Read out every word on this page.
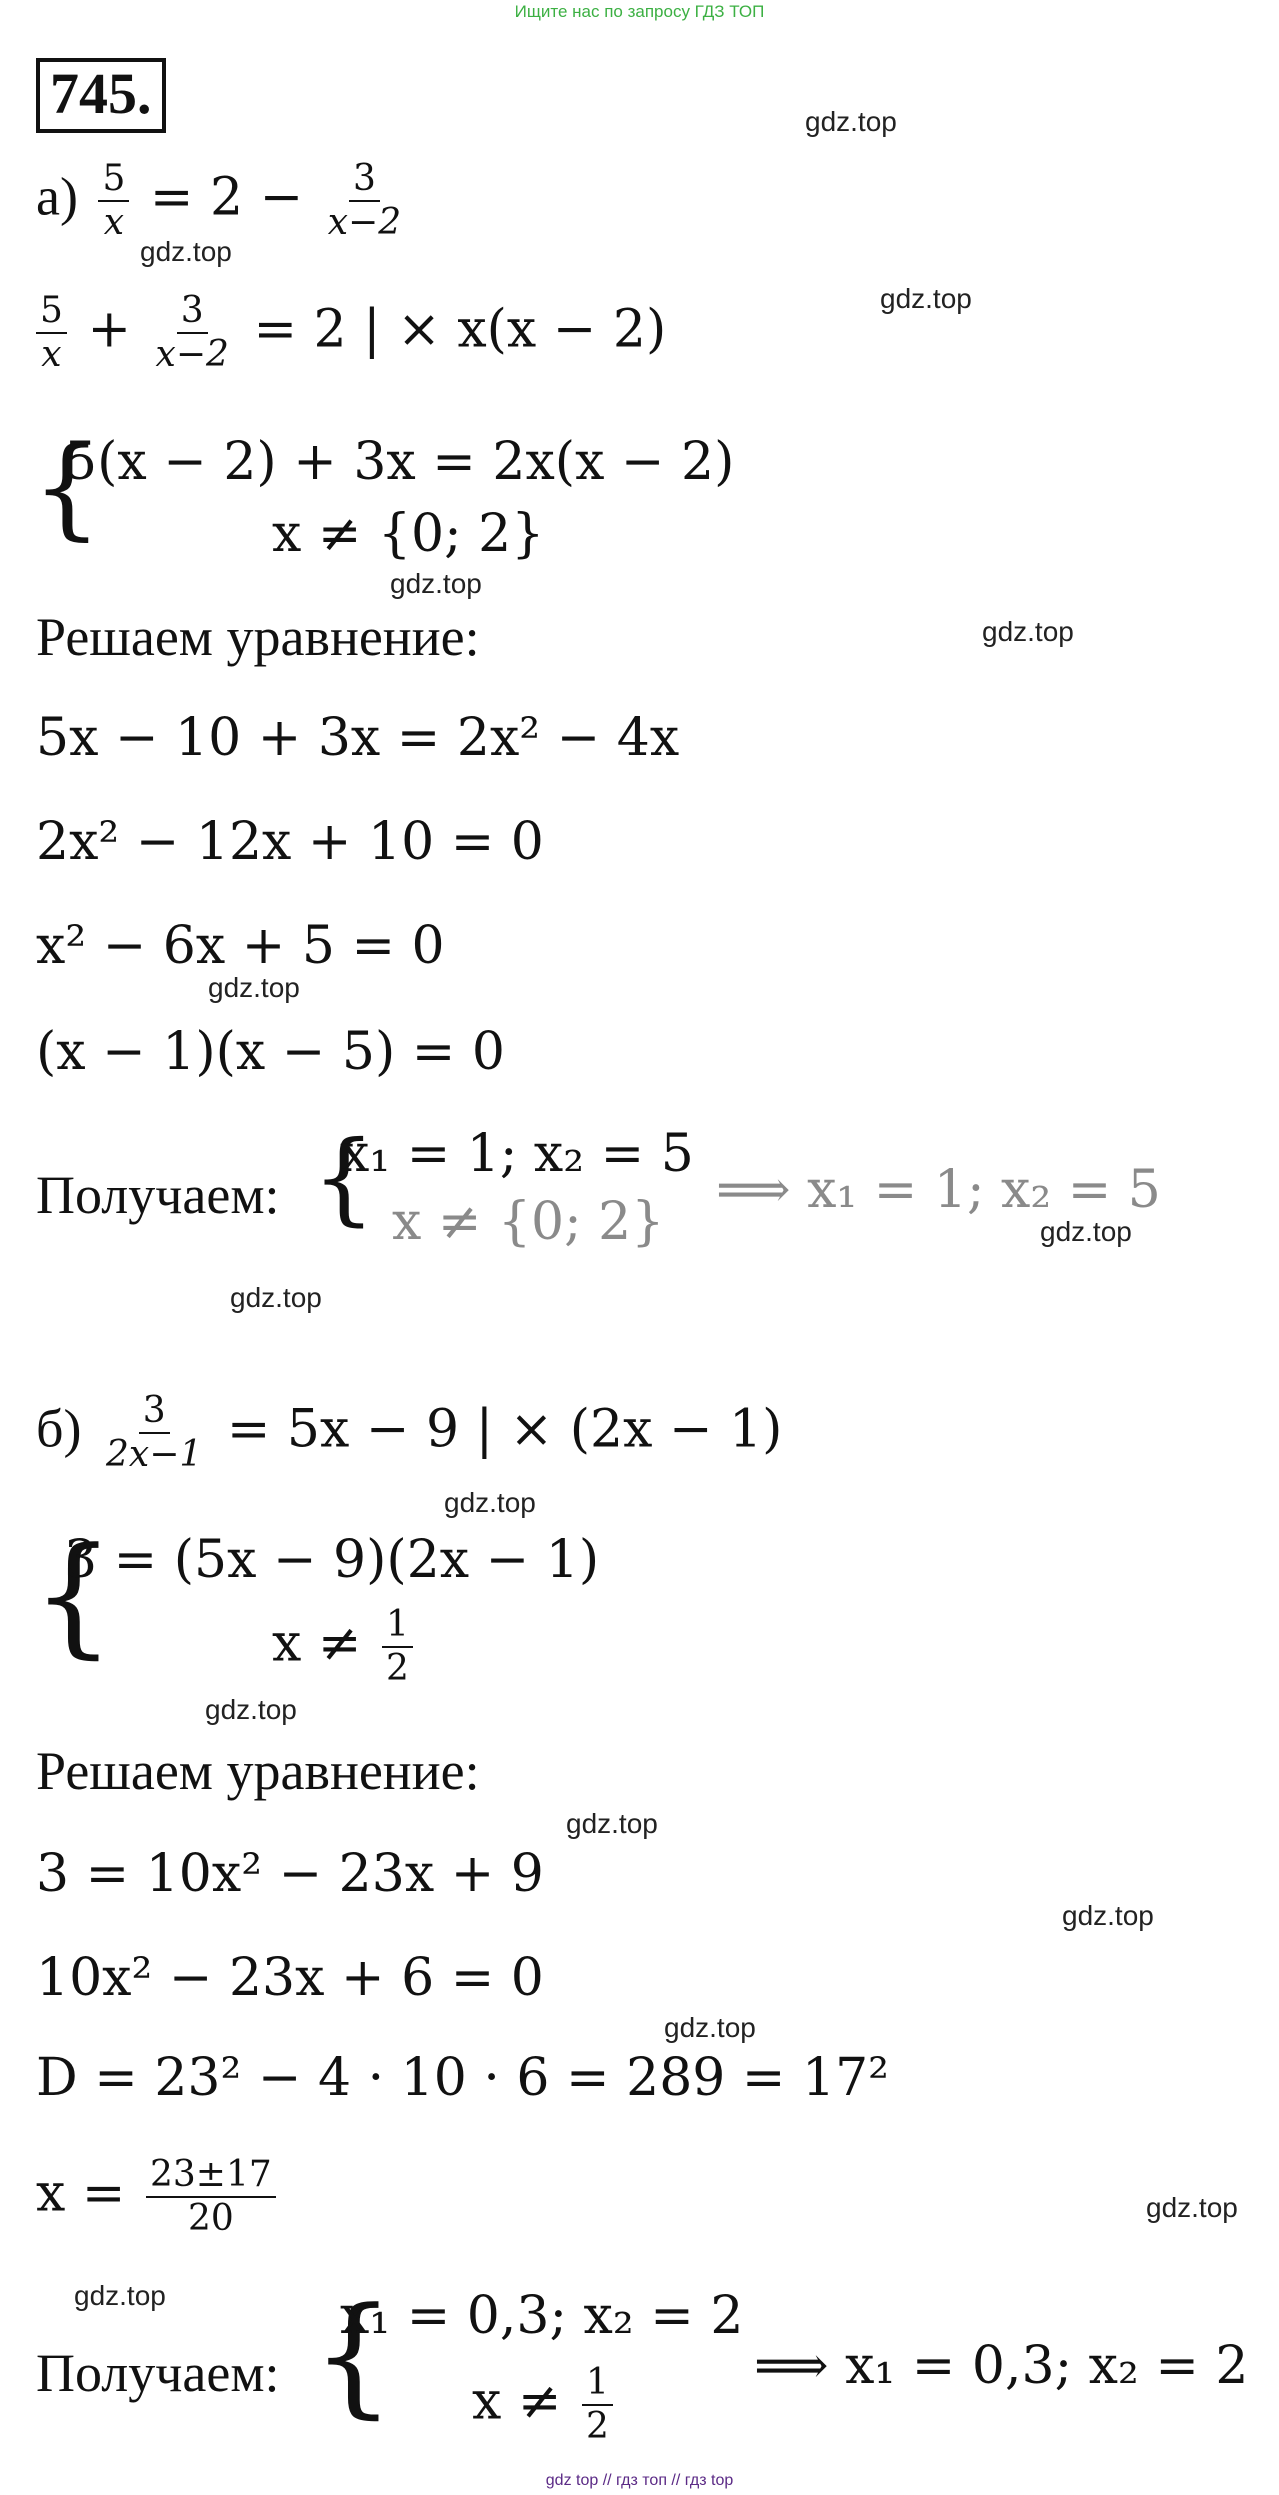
Ищите нас по запросу ГДЗ ТОП
745.	gdz.top
gdz.top
gdz.top
gdz.top
gdz.top
gdz.top
gdz.top
gdz.top
gdz.top
gdz.top
gdz.top
gdz.top
gdz.top
gdz.top
gdz.top
$а) \frac{5}{x} = 2 - \frac{3}{x-2}$
$\frac{5}{x} + \frac{3}{x-2} = 2$ | × x(x − 2)
{
5(x − 2) + 3x = 2x(x − 2)
x ≠ {0; 2}
Решаем уравнение:
5x − 10 + 3x = 2x² − 4x
2x² − 12x + 10 = 0
x² − 6x + 5 = 0
(x − 1)(x − 5) = 0
Получаем: {
x₁ = 1; x₂ = 5
x ≠ {0; 2}
⟹ x₁ = 1; x₂ = 5
$б) \frac{3}{2x-1} = 5x - 9$ | × (2x − 1)
{
3 = (5x − 9)(2x − 1)
$x \ne \frac{1}{2}$
Решаем уравнение:
3 = 10x² − 23x + 9
10x² − 23x + 6 = 0
D = 23² − 4 · 10 · 6 = 289 = 17²
$x = \frac{23\pm 17}{20}$
Получаем: {
x₁ = 0,3; x₂ = 2
$x \ne \frac{1}{2}$	⟹ x₁ = 0,3; x₂ = 2
gdz top // гдз топ // гдз top
